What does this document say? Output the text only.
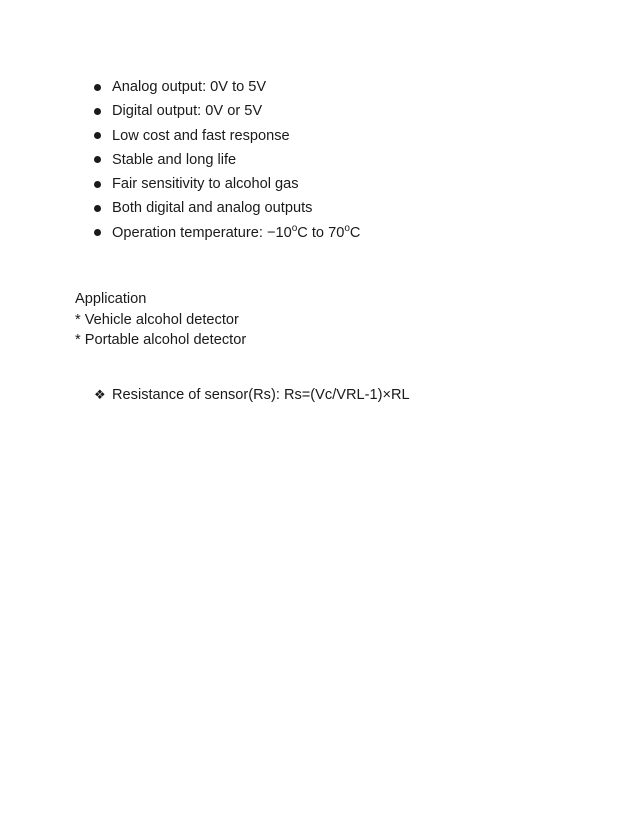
Analog output: 0V to 5V
Digital output: 0V or 5V
Low cost and fast response
Stable and long life
Fair sensitivity to alcohol gas
Both digital and analog outputs
Operation temperature: $-10^oC$ to 70$^o$C
Application
* Vehicle alcohol detector
* Portable alcohol detector
❖ Resistance of sensor(Rs): Rs=(Vc/VRL-1)×RL
